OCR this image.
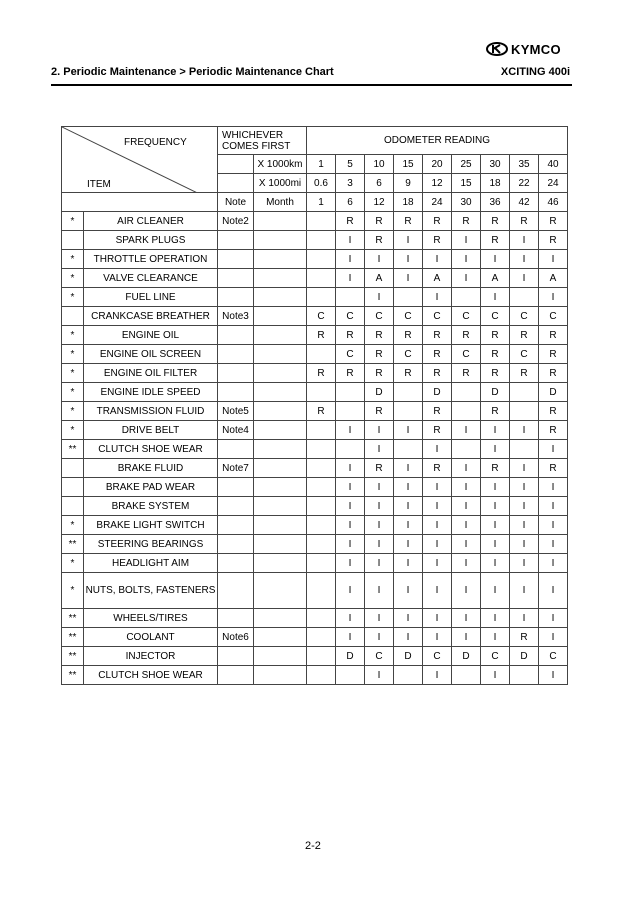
KYMCO
2. Periodic Maintenance > Periodic Maintenance Chart	XCITING 400i
FREQUENCY
ITEM		WHICHEVER COMES FIRST		ODOMETER READING								
			X 1000km	1	5	10	15	20	25	30	35	40
			X 1000mi	0.6	3	6	9	12	15	18	22	24
		Note	Month	1	6	12	18	24	30	36	42	46
*	AIR CLEANER	Note2			R	R	R	R	R	R	R	R
	SPARK PLUGS				I	R	I	R	I	R	I	R
*	THROTTLE OPERATION				I	I	I	I	I	I	I	I
*	VALVE CLEARANCE				I	A	I	A	I	A	I	A
*	FUEL LINE					I		I		I		I
	CRANKCASE BREATHER	Note3		C	C	C	C	C	C	C	C	C
*	ENGINE OIL			R	R	R	R	R	R	R	R	R
*	ENGINE OIL SCREEN				C	R	C	R	C	R	C	R
*	ENGINE OIL FILTER			R	R	R	R	R	R	R	R	R
*	ENGINE IDLE SPEED					D		D		D		D
*	TRANSMISSION FLUID	Note5		R		R		R		R		R
*	DRIVE BELT	Note4			I	I	I	R	I	I	I	R
**	CLUTCH SHOE WEAR					I		I		I		I
	BRAKE FLUID	Note7			I	R	I	R	I	R	I	R
	BRAKE PAD WEAR				I	I	I	I	I	I	I	I
	BRAKE SYSTEM				I	I	I	I	I	I	I	I
*	BRAKE LIGHT SWITCH				I	I	I	I	I	I	I	I
**	STEERING BEARINGS				I	I	I	I	I	I	I	I
*	HEADLIGHT AIM				I	I	I	I	I	I	I	I
*	NUTS, BOLTS, FASTENERS				I	I	I	I	I	I	I	I
**	WHEELS/TIRES				I	I	I	I	I	I	I	I
**	COOLANT	Note6			I	I	I	I	I	I	R	I
**	INJECTOR				D	C	D	C	D	C	D	C
**	CLUTCH SHOE WEAR					I		I		I		I
2-2
